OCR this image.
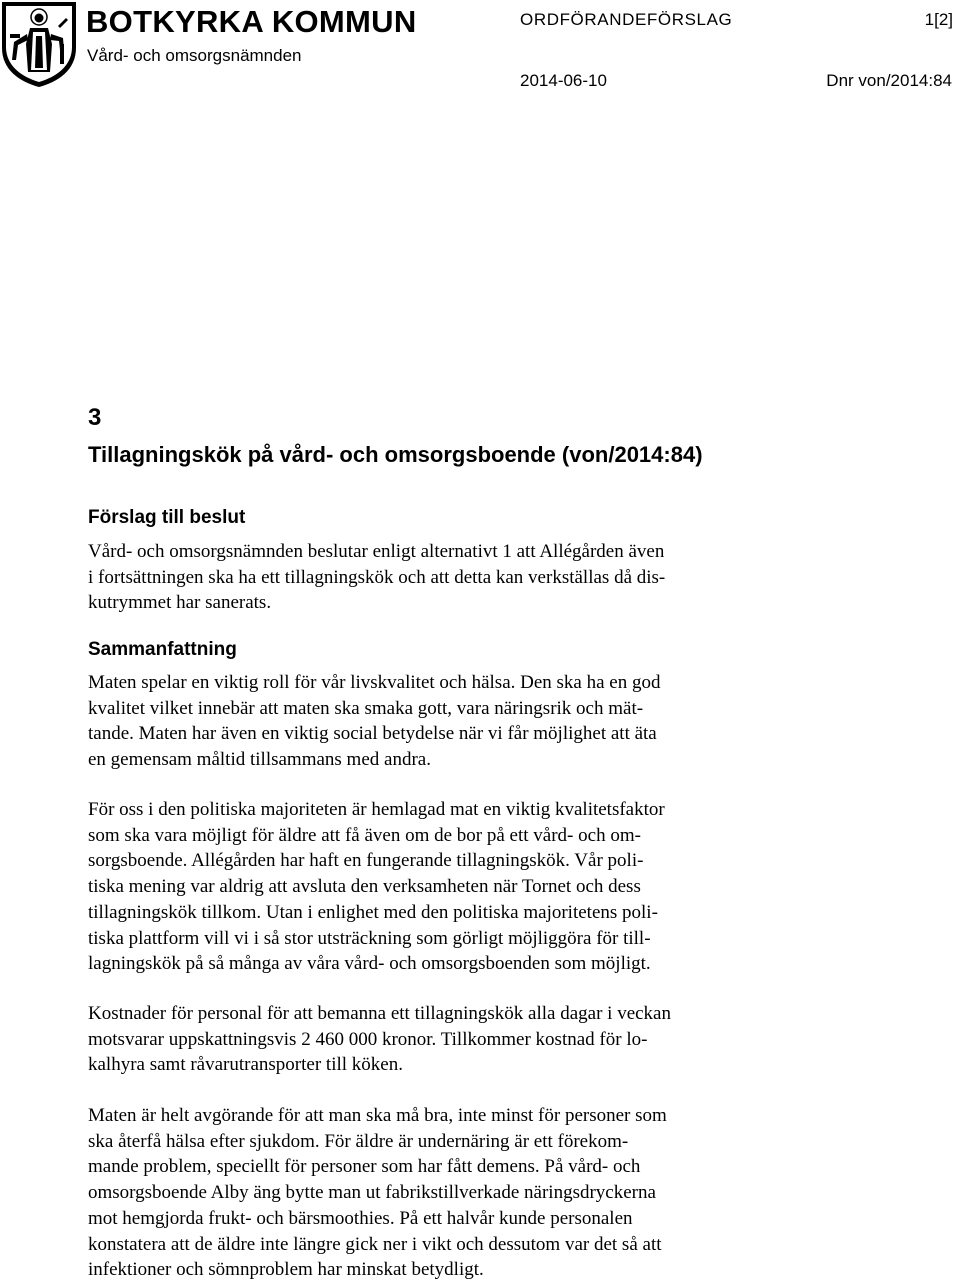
BOTKYRKA KOMMUN
Vård- och omsorgsnämnden
ORDFÖRANDEFÖRSLAG	1[2]
2014-06-10	Dnr von/2014:84
3
Tillagningskök på vård- och omsorgsboende (von/2014:84)
Förslag till beslut
Vård- och omsorgsnämnden beslutar enligt alternativt 1 att Allégården även
i fortsättningen ska ha ett tillagningskök och att detta kan verkställas då dis-
kutrymmet har sanerats.
Sammanfattning
Maten spelar en viktig roll för vår livskvalitet och hälsa. Den ska ha en god
kvalitet vilket innebär att maten ska smaka gott, vara näringsrik och mät-
tande. Maten har även en viktig social betydelse när vi får möjlighet att äta
en gemensam måltid tillsammans med andra.
För oss i den politiska majoriteten är hemlagad mat en viktig kvalitetsfaktor
som ska vara möjligt för äldre att få även om de bor på ett vård- och om-
sorgsboende. Allégården har haft en fungerande tillagningskök. Vår poli-
tiska mening var aldrig att avsluta den verksamheten när Tornet och dess
tillagningskök tillkom. Utan i enlighet med den politiska majoritetens poli-
tiska plattform vill vi i så stor utsträckning som görligt möjliggöra för till-
lagningskök på så många av våra vård- och omsorgsboenden som möjligt.
Kostnader för personal för att bemanna ett tillagningskök alla dagar i veckan
motsvarar uppskattningsvis 2 460 000 kronor. Tillkommer kostnad för lo-
kalhyra samt råvarutransporter till köken.
Maten är helt avgörande för att man ska må bra, inte minst för personer som
ska återfå hälsa efter sjukdom. För äldre är undernäring är ett förekom-
mande problem, speciellt för personer som har fått demens. På vård- och
omsorgsboende Alby äng bytte man ut fabrikstillverkade näringsdryckerna
mot hemgjorda frukt- och bärsmoothies. På ett halvår kunde personalen
konstatera att de äldre inte längre gick ner i vikt och dessutom var det så att
infektioner och sömnproblem har minskat betydligt.
